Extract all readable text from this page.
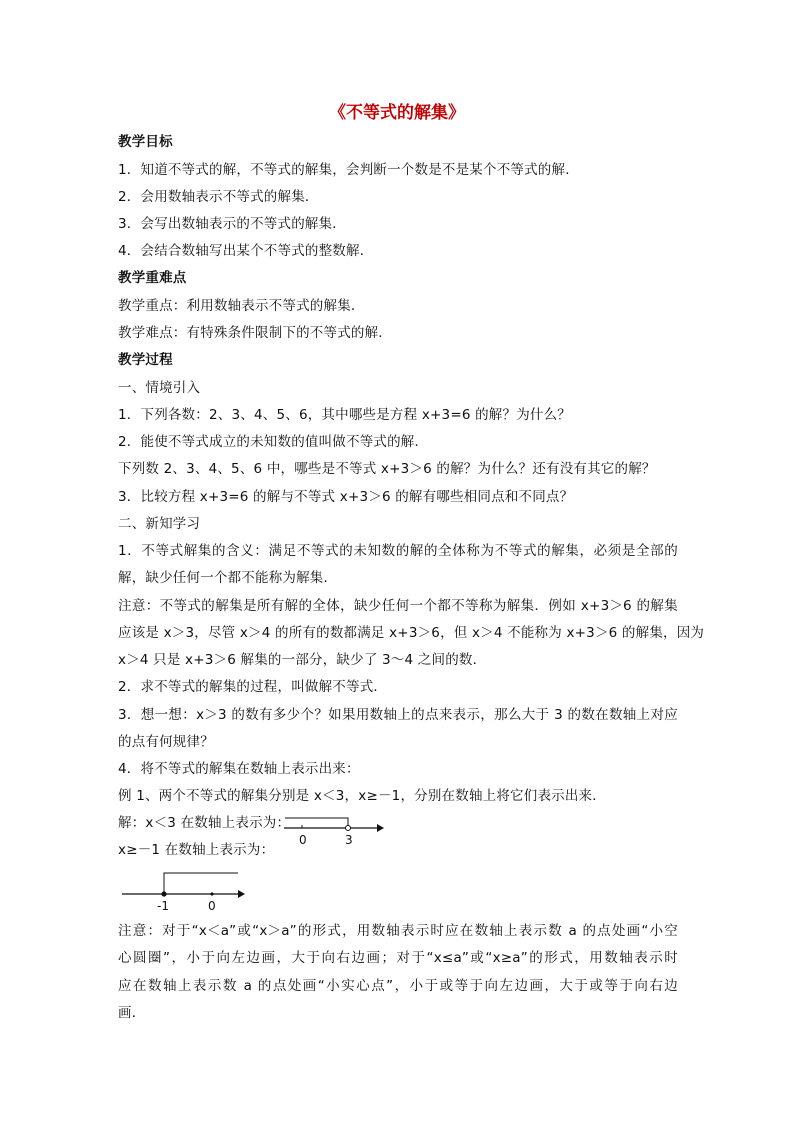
《不等式的解集》
教学目标
1．知道不等式的解，不等式的解集，会判断一个数是不是某个不等式的解．
2．会用数轴表示不等式的解集．
3．会写出数轴表示的不等式的解集．
4．会结合数轴写出某个不等式的整数解．
教学重难点
教学重点：利用数轴表示不等式的解集．
教学难点：有特殊条件限制下的不等式的解．
教学过程
一、情境引入
1．下列各数：2、3、4、5、6，其中哪些是方程 x+3=6 的解？为什么？
2．能使不等式成立的未知数的值叫做不等式的解．
下列数 2、3、4、5、6 中，哪些是不等式 x+3＞6 的解？为什么？还有没有其它的解？
3．比较方程 x+3=6 的解与不等式 x+3＞6 的解有哪些相同点和不同点？
二、新知学习
1．不等式解集的含义：满足不等式的未知数的解的全体称为不等式的解集，必须是全部的
解，缺少任何一个都不能称为解集．
注意：不等式的解集是所有解的全体，缺少任何一个都不等称为解集．例如 x+3＞6 的解集
应该是 x＞3，尽管 x＞4 的所有的数都满足 x+3＞6，但 x＞4 不能称为 x+3＞6 的解集，因为
x＞4 只是 x+3＞6 解集的一部分，缺少了 3～4 之间的数．
2．求不等式的解集的过程，叫做解不等式．
3．想一想：x＞3 的数有多少个？如果用数轴上的点来表示，那么大于 3 的数在数轴上对应
的点有何规律？
4．将不等式的解集在数轴上表示出来：
例 1、两个不等式的解集分别是 x＜3，x≥－1，分别在数轴上将它们表示出来．
解：x＜3 在数轴上表示为：
0	3
x≥－1 在数轴上表示为：
-1	0
注意：对于“x＜a”或“x＞a”的形式，用数轴表示时应在数轴上表示数 a 的点处画“小空
心圆圈”，小于向左边画，大于向右边画；对于“x≤a”或“x≥a”的形式，用数轴表示时
应在数轴上表示数 a 的点处画“小实心点”，小于或等于向左边画，大于或等于向右边
画．
